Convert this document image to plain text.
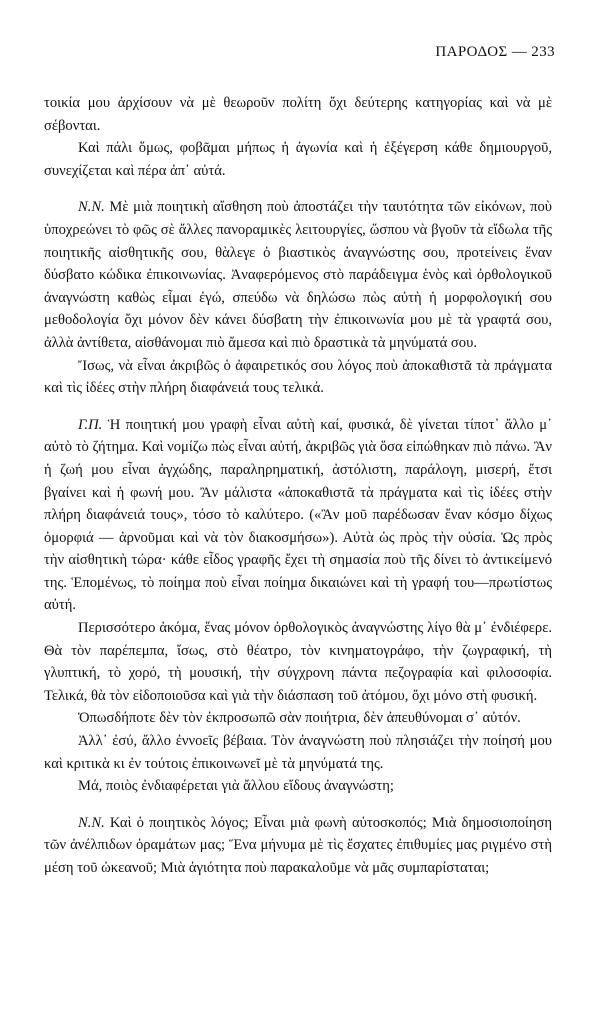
ΠΑΡΟΔΟΣ — 233

τοικία μου ἀρχίσουν νὰ μὲ θεωροῦν πολίτη ὄχι δεύτερης κατηγορίας καὶ νὰ μὲ σέβονται.

Καὶ πάλι ὅμως, φοβᾶμαι μήπως ἡ ἀγωνία καὶ ἡ ἐξέγερση κάθε δημιουργοῦ, συνεχίζεται καὶ πέρα ἀπ᾽ αὐτά.

Ν.Ν. Μὲ μιὰ ποιητικὴ αἴσθηση ποὺ ἀποστάζει τὴν ταυτότητα τῶν εἰκόνων, ποὺ ὑποχρεώνει τὸ φῶς σὲ ἄλλες πανοραμικὲς λειτουργίες, ὥσπου νὰ βγοῦν τὰ εἴδωλα τῆς ποιητικῆς αἰσθητικῆς σου, θὰλεγε ὁ βιαστικὸς ἀναγνώστης σου, προτείνεις ἕναν δύσβατο κώδικα ἐπικοινωνίας. Ἀναφερόμενος στὸ παράδειγμα ἑνὸς καὶ ὀρθολογικοῦ ἀναγνώστη καθὼς εἶμαι ἐγώ, σπεύδω νὰ δηλώσω πὼς αὐτὴ ἡ μορφολογική σου μεθοδολογία ὄχι μόνον δὲν κάνει δύσβατη τὴν ἐπικοινωνία μου μὲ τὰ γραφτά σου, ἀλλὰ ἀντίθετα, αἰσθάνομαι πιὸ ἄμεσα καὶ πιὸ δραστικὰ τὰ μηνύματά σου.

Ἴσως, νὰ εἶναι ἀκριβῶς ὁ ἀφαιρετικός σου λόγος ποὺ ἀποκαθιστᾶ τὰ πράγματα καὶ τὶς ἰδέες στὴν πλήρη διαφάνειά τους τελικά.

Γ.Π. Ἡ ποιητική μου γραφὴ εἶναι αὐτὴ καί, φυσικά, δὲ γίνεται τίποτ᾽ ἄλλο μ᾽ αὐτὸ τὸ ζήτημα. Καὶ νομίζω πὼς εἶναι αὐτή, ἀκριβῶς γιὰ ὅσα εἰπώθηκαν πιὸ πάνω. Ἂν ἡ ζωή μου εἶναι ἀγχώδης, παραληρηματική, ἀστόλιστη, παράλογη, μισερή, ἔτσι βγαίνει καὶ ἡ φωνή μου. Ἂν μάλιστα «ἀποκαθιστᾶ τὰ πράγματα καὶ τὶς ἰδέες στὴν πλήρη διαφάνειά τους», τόσο τὸ καλύτερο. («Ἂν μοῦ παρέδωσαν ἕναν κόσμο δίχως ὀμορφιά — ἀρνοῦμαι καὶ νὰ τὸν διακοσμήσω»). Αὐτὰ ὡς πρὸς τὴν οὐσία. Ὡς πρὸς τὴν αἰσθητικὴ τώρα· κάθε εἶδος γραφῆς ἔχει τὴ σημασία ποὺ τῆς δίνει τὸ ἀντικείμενό της. Ἑπομένως, τὸ ποίημα ποὺ εἶναι ποίημα δικαιώνει καὶ τὴ γραφή του—πρωτίστως αὐτή.

Περισσότερο ἀκόμα, ἕνας μόνον ὀρθολογικὸς ἀναγνώστης λίγο θὰ μ᾽ ἐνδιέφερε. Θὰ τὸν παρέπεμπα, ἴσως, στὸ θέατρο, τὸν κινηματογράφο, τὴν ζωγραφική, τὴ γλυπτική, τὸ χορό, τὴ μουσική, τὴν σύγχρονη πάντα πεζογραφία καὶ φιλοσοφία. Τελικά, θὰ τὸν εἰδοποιοῦσα καὶ γιὰ τὴν διάσπαση τοῦ ἀτόμου, ὄχι μόνο στὴ φυσική.

Ὁπωσδήποτε δὲν τὸν ἐκπροσωπῶ σὰν ποιήτρια, δὲν ἀπευθύνομαι σ᾽ αὐτόν.

Ἀλλ᾽ ἐσύ, ἄλλο ἐννοεῖς βέβαια. Τὸν ἀναγνώστη ποὺ πλησιάζει τὴν ποίησή μου καὶ κριτικὰ κι ἐν τούτοις ἐπικοινωνεῖ μὲ τὰ μηνύματά της.

Μά, ποιὸς ἐνδιαφέρεται γιὰ ἄλλου εἴδους ἀναγνώστη;

Ν.Ν. Καὶ ὁ ποιητικὸς λόγος; Εἶναι μιὰ φωνὴ αὐτοσκοπός; Μιὰ δημοσιοποίηση τῶν ἀνέλπιδων ὁραμάτων μας; Ἕνα μήνυμα μὲ τὶς ἔσχατες ἐπιθυμίες μας ριγμένο στὴ μέση τοῦ ὠκεανοῦ; Μιὰ ἁγιότητα ποὺ παρακαλοῦμε νὰ μᾶς συμπαρίσταται;
